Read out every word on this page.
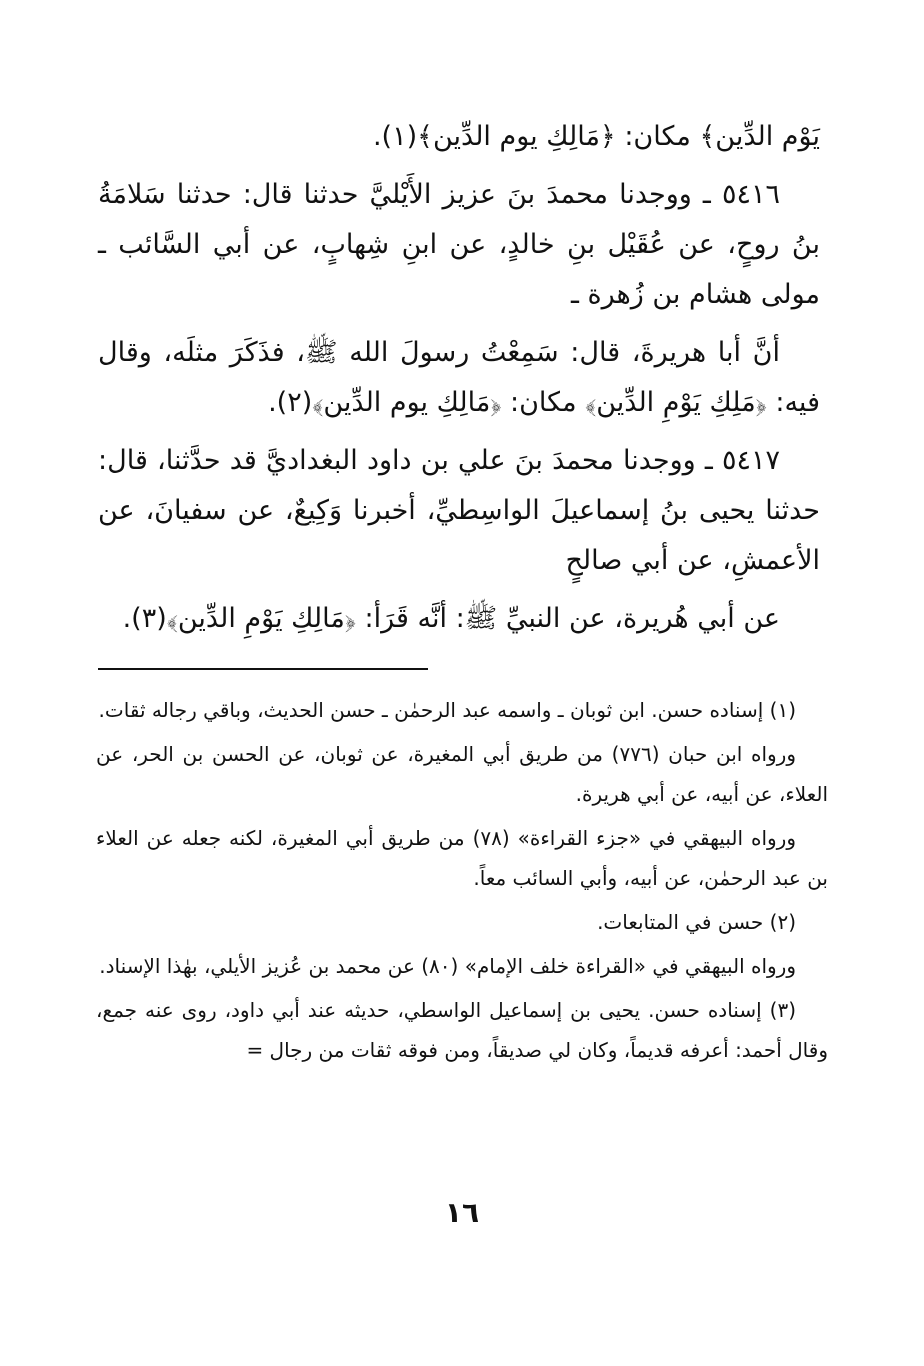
يَوْم الدِّين﴾ مكان: ﴿مَالِكِ يوم الدِّين﴾(١).

٥٤١٦ ـ ووجدنا محمدَ بنَ عزيز الأَيْليَّ حدثنا قال: حدثنا سَلامَةُ بنُ روحٍ، عن عُقَيْل بنِ خالدٍ، عن ابنِ شِهابٍ، عن أبي السَّائب ـ مولى هشام بن زُهرة ـ

أنَّ أبا هريرةَ، قال: سَمِعْتُ رسولَ الله ﷺ، فذَكَرَ مثلَه، وقال فيه: ﴿مَلِكِ يَوْمِ الدِّين﴾ مكان: ﴿مَالِكِ يوم الدِّين﴾(٢).

٥٤١٧ ـ ووجدنا محمدَ بنَ علي بن داود البغداديَّ قد حدَّثنا، قال: حدثنا يحيى بنُ إسماعيلَ الواسِطيِّ، أخبرنا وَكِيعٌ، عن سفيانَ، عن الأعمشِ، عن أبي صالحٍ

عن أبي هُريرة، عن النبيِّ ﷺ: أنَّه قَرَأ: ﴿مَالِكِ يَوْمِ الدِّين﴾(٣).

(١) إسناده حسن. ابن ثوبان ـ واسمه عبد الرحمٰن ـ حسن الحديث، وباقي رجاله ثقات.

ورواه ابن حبان (٧٧٦) من طريق أبي المغيرة، عن ثوبان، عن الحسن بن الحر، عن العلاء، عن أبيه، عن أبي هريرة.

ورواه البيهقي في «جزء القراءة» (٧٨) من طريق أبي المغيرة، لكنه جعله عن العلاء بن عبد الرحمٰن، عن أبيه، وأبي السائب معاً.

(٢) حسن في المتابعات.

ورواه البيهقي في «القراءة خلف الإمام» (٨٠) عن محمد بن عُزيز الأيلي، بهٰذا الإسناد.

(٣) إسناده حسن. يحيى بن إسماعيل الواسطي، حديثه عند أبي داود، روى عنه جمع، وقال أحمد: أعرفه قديماً، وكان لي صديقاً، ومن فوقه ثقات من رجال =

١٦
